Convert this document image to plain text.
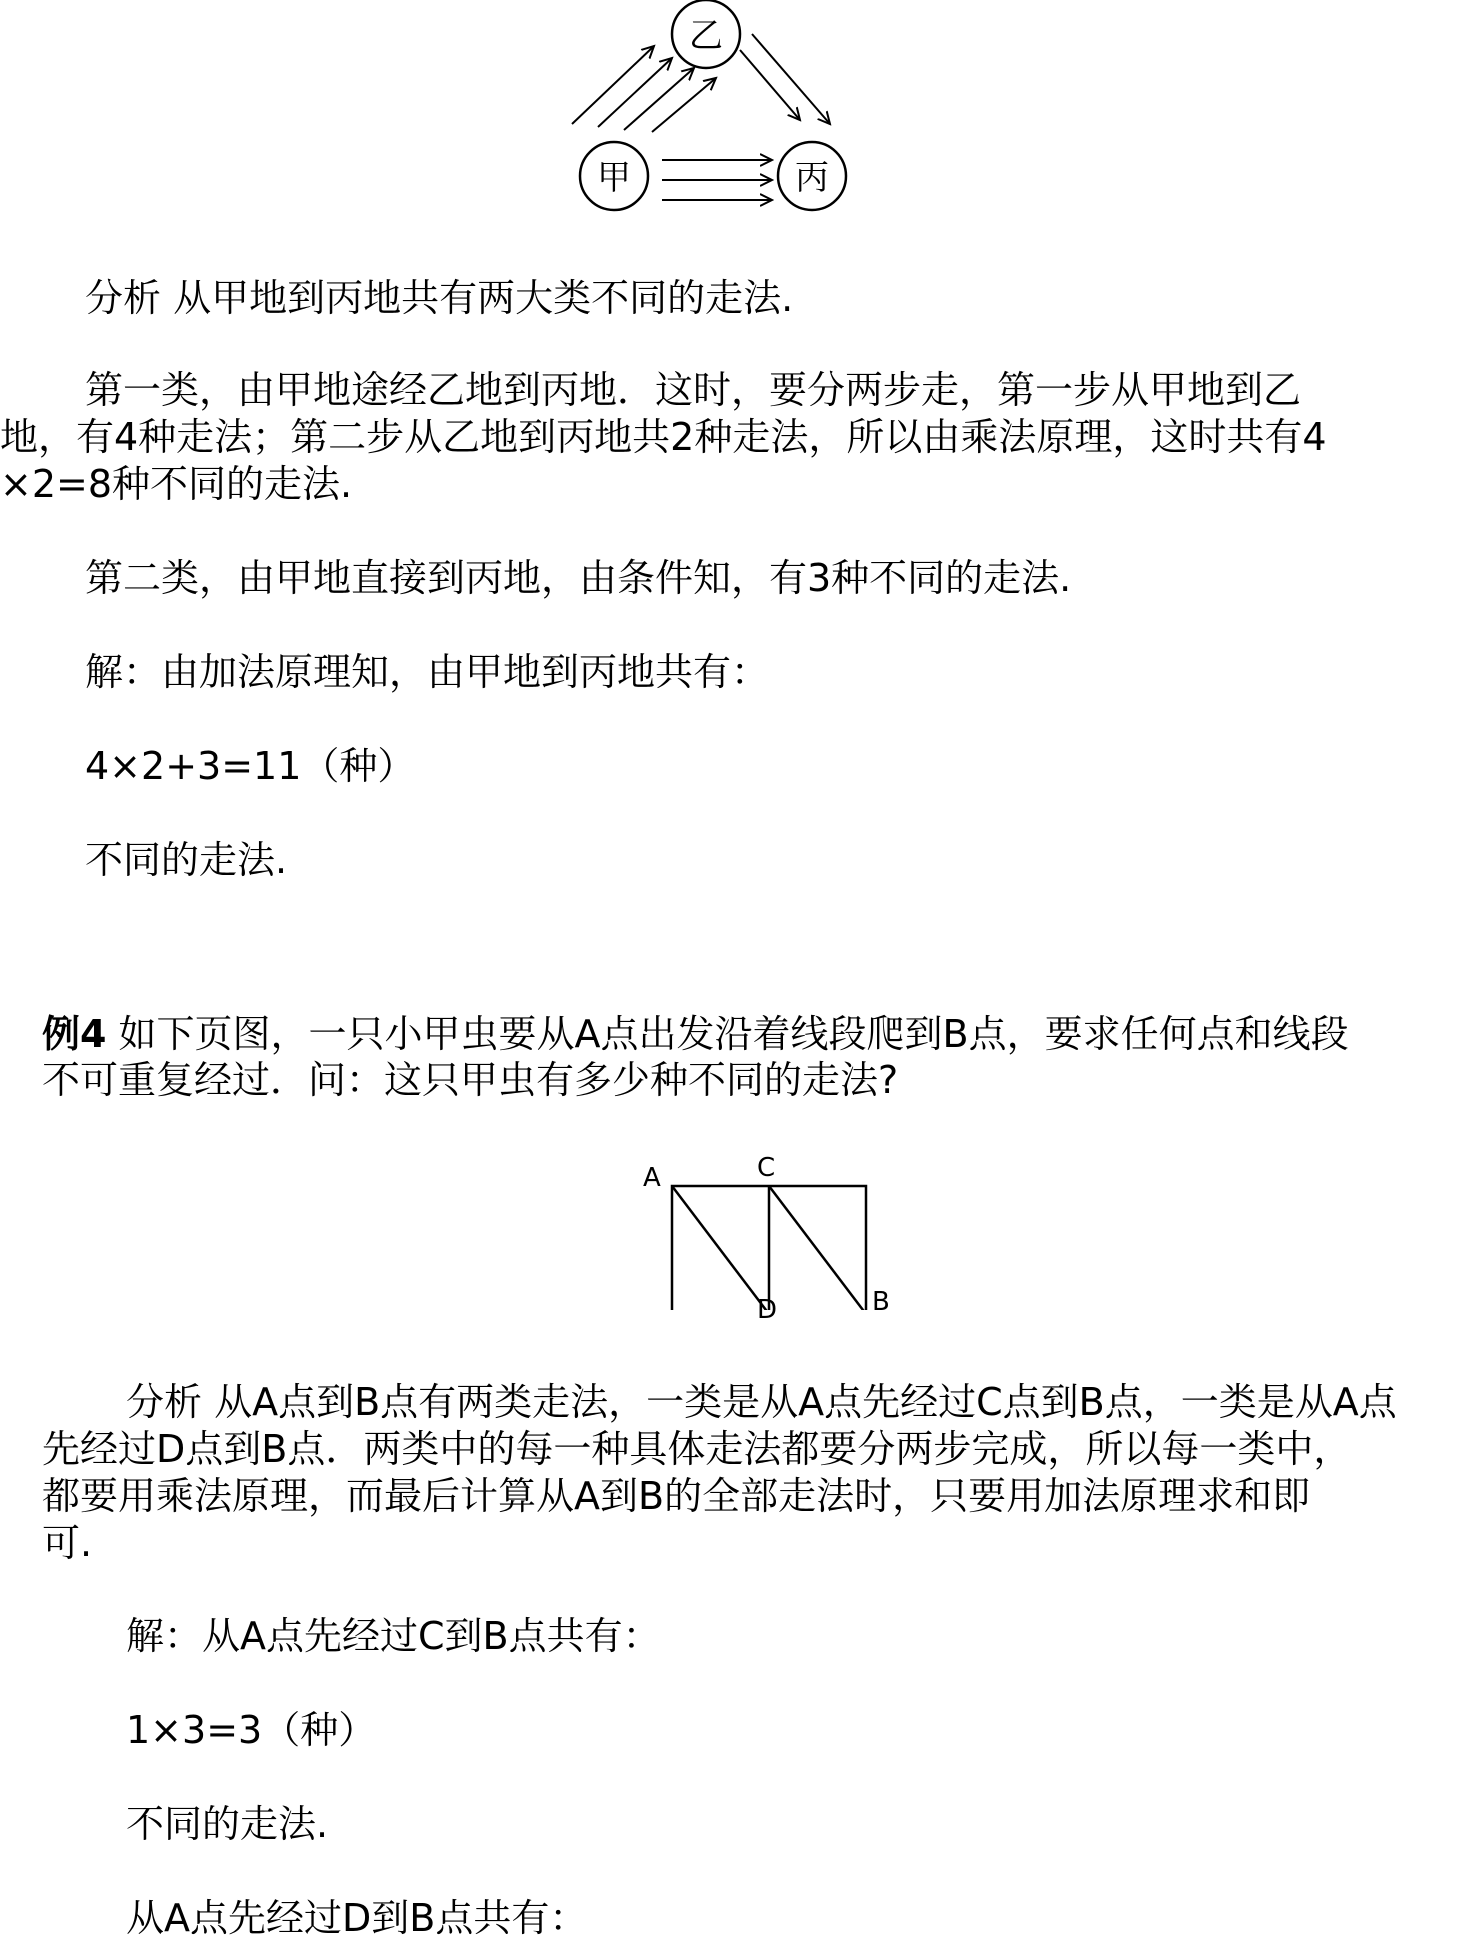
乙
甲	丙
分析 从甲地到丙地共有两大类不同的走法.
第一类，由甲地途经乙地到丙地．这时，要分两步走，第一步从甲地到乙
地，有4种走法；第二步从乙地到丙地共2种走法，所以由乘法原理，这时共有4
×2=8种不同的走法.
第二类，由甲地直接到丙地，由条件知，有3种不同的走法.
解：由加法原理知，由甲地到丙地共有：
4×2+3=11（种）
不同的走法.
例4 如下页图，一只小甲虫要从A点出发沿着线段爬到B点，要求任何点和线段
不可重复经过．问：这只甲虫有多少种不同的走法?
A	C
D	B
分析 从A点到B点有两类走法，一类是从A点先经过C点到B点，一类是从A点
先经过D点到B点．两类中的每一种具体走法都要分两步完成，所以每一类中，
都要用乘法原理，而最后计算从A到B的全部走法时，只要用加法原理求和即
可.
解：从A点先经过C到B点共有：
1×3=3（种）
不同的走法.
从A点先经过D到B点共有：
